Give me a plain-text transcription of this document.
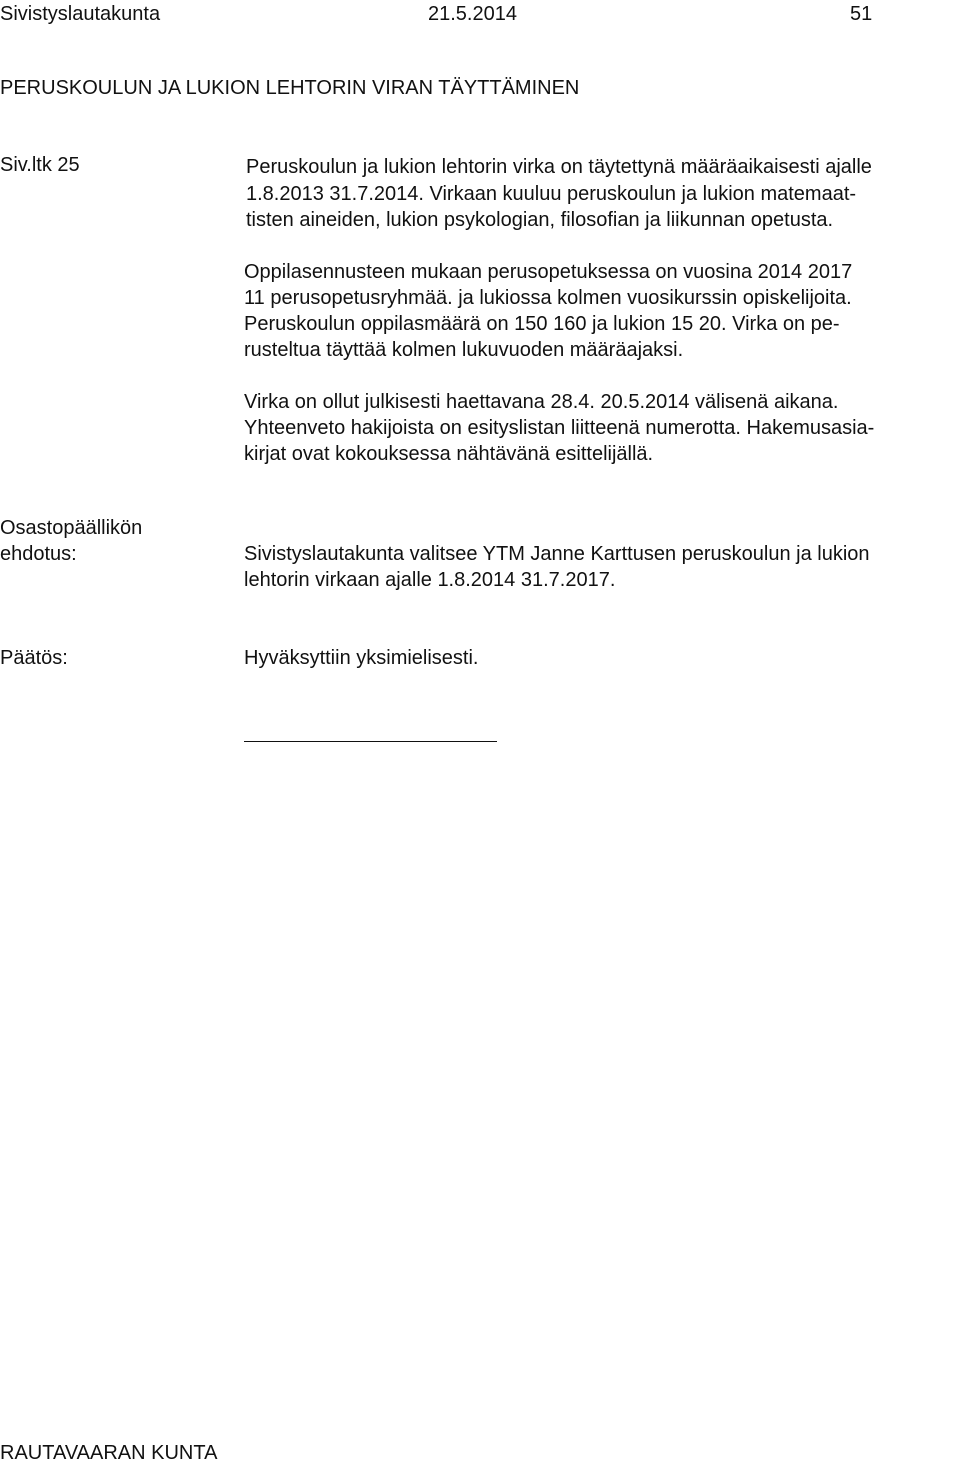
Sivistyslautakunta	21.5.2014	51
PERUSKOULUN JA LUKION LEHTORIN VIRAN TÄYTTÄMINEN
Siv.ltk 25	Peruskoulun ja lukion lehtorin virka on täytettynä määräaikaisesti ajalle
1.8.2013 31.7.2014. Virkaan kuuluu peruskoulun ja lukion matemaat-
tisten aineiden, lukion psykologian, filosofian ja liikunnan opetusta.
Oppilasennusteen mukaan perusopetuksessa on vuosina 2014 2017
11 perusopetusryhmää. ja lukiossa kolmen vuosikurssin opiskelijoita.
Peruskoulun oppilasmäärä on 150 160 ja lukion 15 20. Virka on pe-
rusteltua täyttää kolmen lukuvuoden määräajaksi.
Virka on ollut julkisesti haettavana 28.4. 20.5.2014 välisenä aikana.
Yhteenveto hakijoista on esityslistan liitteenä numerotta. Hakemusasia-
kirjat ovat kokouksessa nähtävänä esittelijällä.
Osastopäällikön
ehdotus:	Sivistyslautakunta valitsee YTM Janne Karttusen peruskoulun ja lukion
lehtorin virkaan ajalle 1.8.2014 31.7.2017.
Päätös:	Hyväksyttiin yksimielisesti.
RAUTAVAARAN KUNTA
